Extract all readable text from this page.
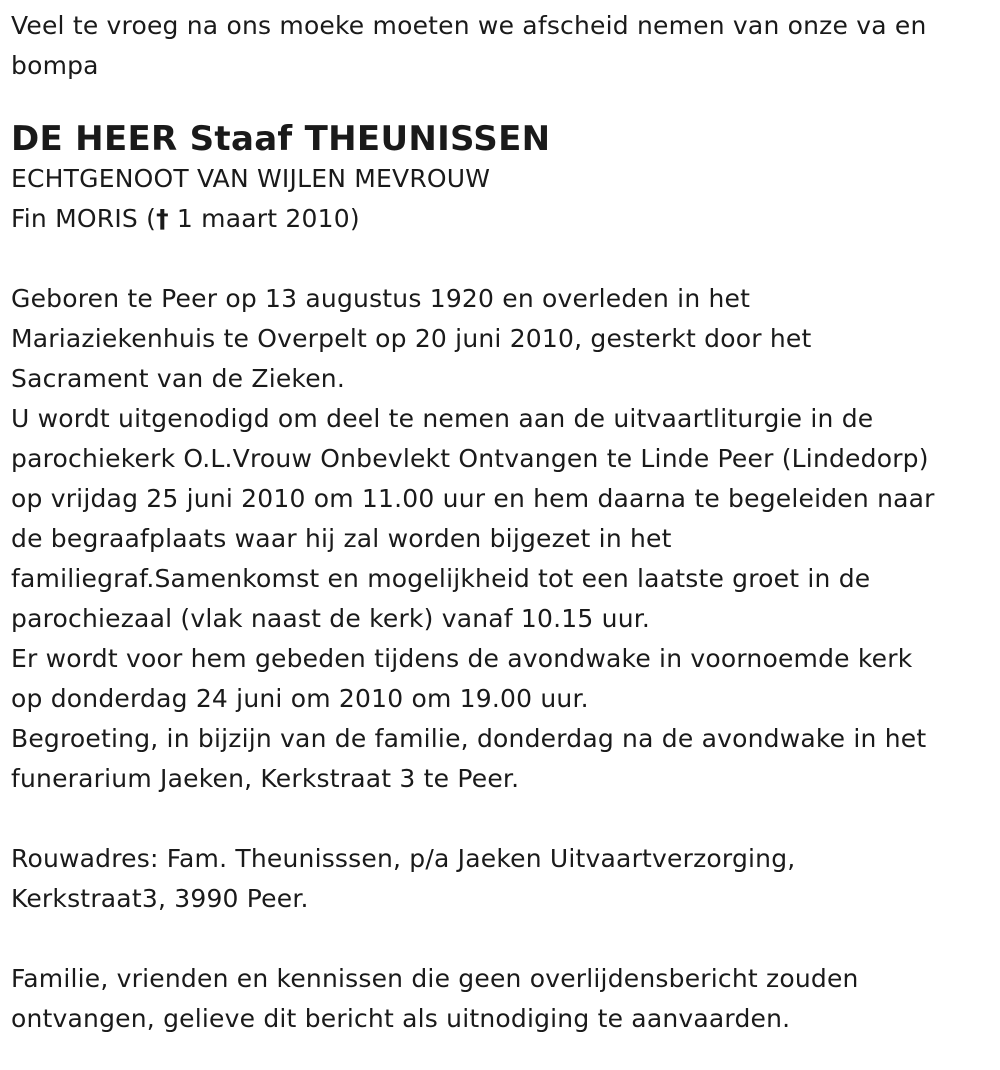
Veel te vroeg na ons moeke moeten we afscheid nemen van onze va en
bompa
DE HEER Staaf THEUNISSEN
ECHTGENOOT VAN WIJLEN MEVROUW
Fin MORIS († 1 maart 2010)
Geboren te Peer op 13 augustus 1920 en overleden in het
Mariaziekenhuis te Overpelt op 20 juni 2010, gesterkt door het
Sacrament van de Zieken.
U wordt uitgenodigd om deel te nemen aan de uitvaartliturgie in de
parochiekerk O.L.Vrouw Onbevlekt Ontvangen te Linde Peer (Lindedorp)
op vrijdag 25 juni 2010 om 11.00 uur en hem daarna te begeleiden naar
de begraafplaats waar hij zal worden bijgezet in het
familiegraf.Samenkomst en mogelijkheid tot een laatste groet in de
parochiezaal (vlak naast de kerk) vanaf 10.15 uur.
Er wordt voor hem gebeden tijdens de avondwake in voornoemde kerk
op donderdag 24 juni om 2010 om 19.00 uur.
Begroeting, in bijzijn van de familie, donderdag na de avondwake in het
funerarium Jaeken, Kerkstraat 3 te Peer.
Rouwadres: Fam. Theunisssen, p/a Jaeken Uitvaartverzorging,
Kerkstraat3, 3990 Peer.
Familie, vrienden en kennissen die geen overlijdensbericht zouden
ontvangen, gelieve dit bericht als uitnodiging te aanvaarden.
